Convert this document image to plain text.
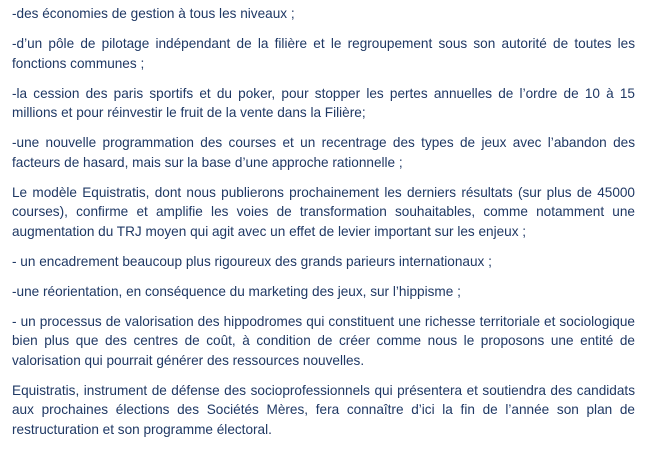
-des économies de gestion à tous les niveaux ;

-d’un pôle de pilotage indépendant de la filière et le regroupement sous son autorité de toutes les fonctions communes ;

-la cession des paris sportifs et du poker, pour stopper les pertes annuelles de l’ordre de 10 à 15 millions et pour réinvestir le fruit de la vente dans la Filière;

-une nouvelle programmation des courses et un recentrage des types de jeux avec l’abandon des facteurs de hasard, mais sur la base d’une approche rationnelle ;

Le modèle Equistratis, dont nous publierons prochainement les derniers résultats (sur plus de 45000 courses), confirme et amplifie les voies de transformation souhaitables, comme notamment une augmentation du TRJ moyen qui agit avec un effet de levier important sur les enjeux ;

- un encadrement beaucoup plus rigoureux des grands parieurs internationaux ;

-une réorientation, en conséquence du marketing des jeux, sur l’hippisme ;

- un processus de valorisation des hippodromes qui constituent une richesse territoriale et sociologique bien plus que des centres de coût, à condition de créer comme nous le proposons une entité de valorisation qui pourrait générer des ressources nouvelles.

Equistratis, instrument de défense des socioprofessionnels qui présentera et soutiendra des candidats aux prochaines élections des Sociétés Mères, fera connaître d’ici la fin de l’année son plan de restructuration et son programme électoral.
